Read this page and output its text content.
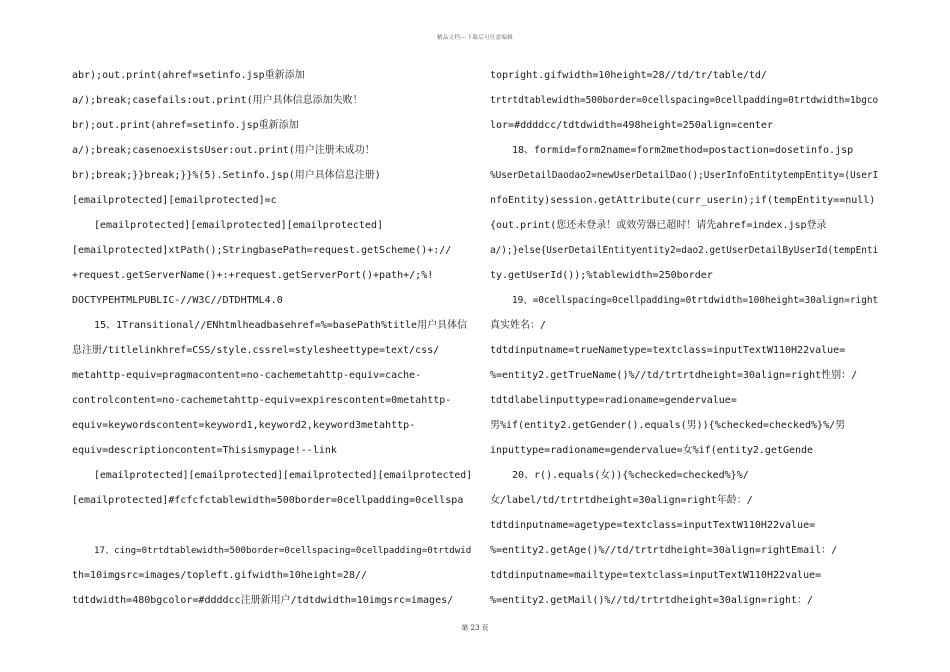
精品文档---下载后可任意编辑
abr);out.print(ahref=setinfo.jsp重新添加
a/);break;casefails:out.print(用户具体信息添加失败！
br);out.print(ahref=setinfo.jsp重新添加
a/);break;casenoexistsUser:out.print(用户注册未成功！
br);break;}}break;}}%(5).Setinfo.jsp(用户具体信息注册)
[emailprotected][emailprotected]=c
[emailprotected][emailprotected][emailprotected]
[emailprotected]xtPath();StringbasePath=request.getScheme()+://
+request.getServerName()+:+request.getServerPort()+path+/;%!
DOCTYPEHTMLPUBLIC-//W3C//DTDHTML4.0
15、1Transitional//ENhtmlheadbasehref=%=basePath%title用户具体信
息注册/titlelinkhref=CSS/style.cssrel=stylesheettype=text/css/
metahttp-equiv=pragmacontent=no-cachemetahttp-equiv=cache-
controlcontent=no-cachemetahttp-equiv=expirescontent=0metahttp-
equiv=keywordscontent=keyword1,keyword2,keyword3metahttp-
equiv=descriptioncontent=Thisismypage!--link
[emailprotected][emailprotected][emailprotected][emailprotected]
[emailprotected]#fcfcfctablewidth=500border=0cellpadding=0cellspa
17、cing=0trtdtablewidth=500border=0cellspacing=0cellpadding=0trtdwid
th=10imgsrc=images/topleft.gifwidth=10height=28//
tdtdwidth=480bgcolor=#ddddcc注册新用户/tdtdwidth=10imgsrc=images/
topright.gifwidth=10height=28//td/tr/table/td/
trtrtdtablewidth=500border=0cellspacing=0cellpadding=0trtdwidth=1bgco
lor=#ddddcc/tdtdwidth=498height=250align=center
18、formid=form2name=form2method=postaction=dosetinfo.jsp
%UserDetailDaodao2=newUserDetailDao();UserInfoEntitytempEntity=(UserI
nfoEntity)session.getAttribute(curr_userin);if(tempEntity==null)
{out.print(您还未登录！或效劳器已超时！请先ahref=index.jsp登录
a/);}else{UserDetailEntityentity2=dao2.getUserDetailByUserId(tempEnti
ty.getUserId());%tablewidth=250border
19、=0cellspacing=0cellpadding=0trtdwidth=100height=30align=right
真实姓名：/
tdtdinputname=trueNametype=textclass=inputTextW110H22value=
%=entity2.getTrueName()%//td/trtrtdheight=30align=right性别：/
tdtdlabelinputtype=radioname=gendervalue=
男%if(entity2.getGender().equals(男)){%checked=checked%}%/男
inputtype=radioname=gendervalue=女%if(entity2.getGende
20、r().equals(女)){%checked=checked%}%/
女/label/td/trtrtdheight=30align=right年龄：/
tdtdinputname=agetype=textclass=inputTextW110H22value=
%=entity2.getAge()%//td/trtrtdheight=30align=rightEmail：/
tdtdinputname=mailtype=textclass=inputTextW110H22value=
%=entity2.getMail()%//td/trtrtdheight=30align=right：/
第 23 页
